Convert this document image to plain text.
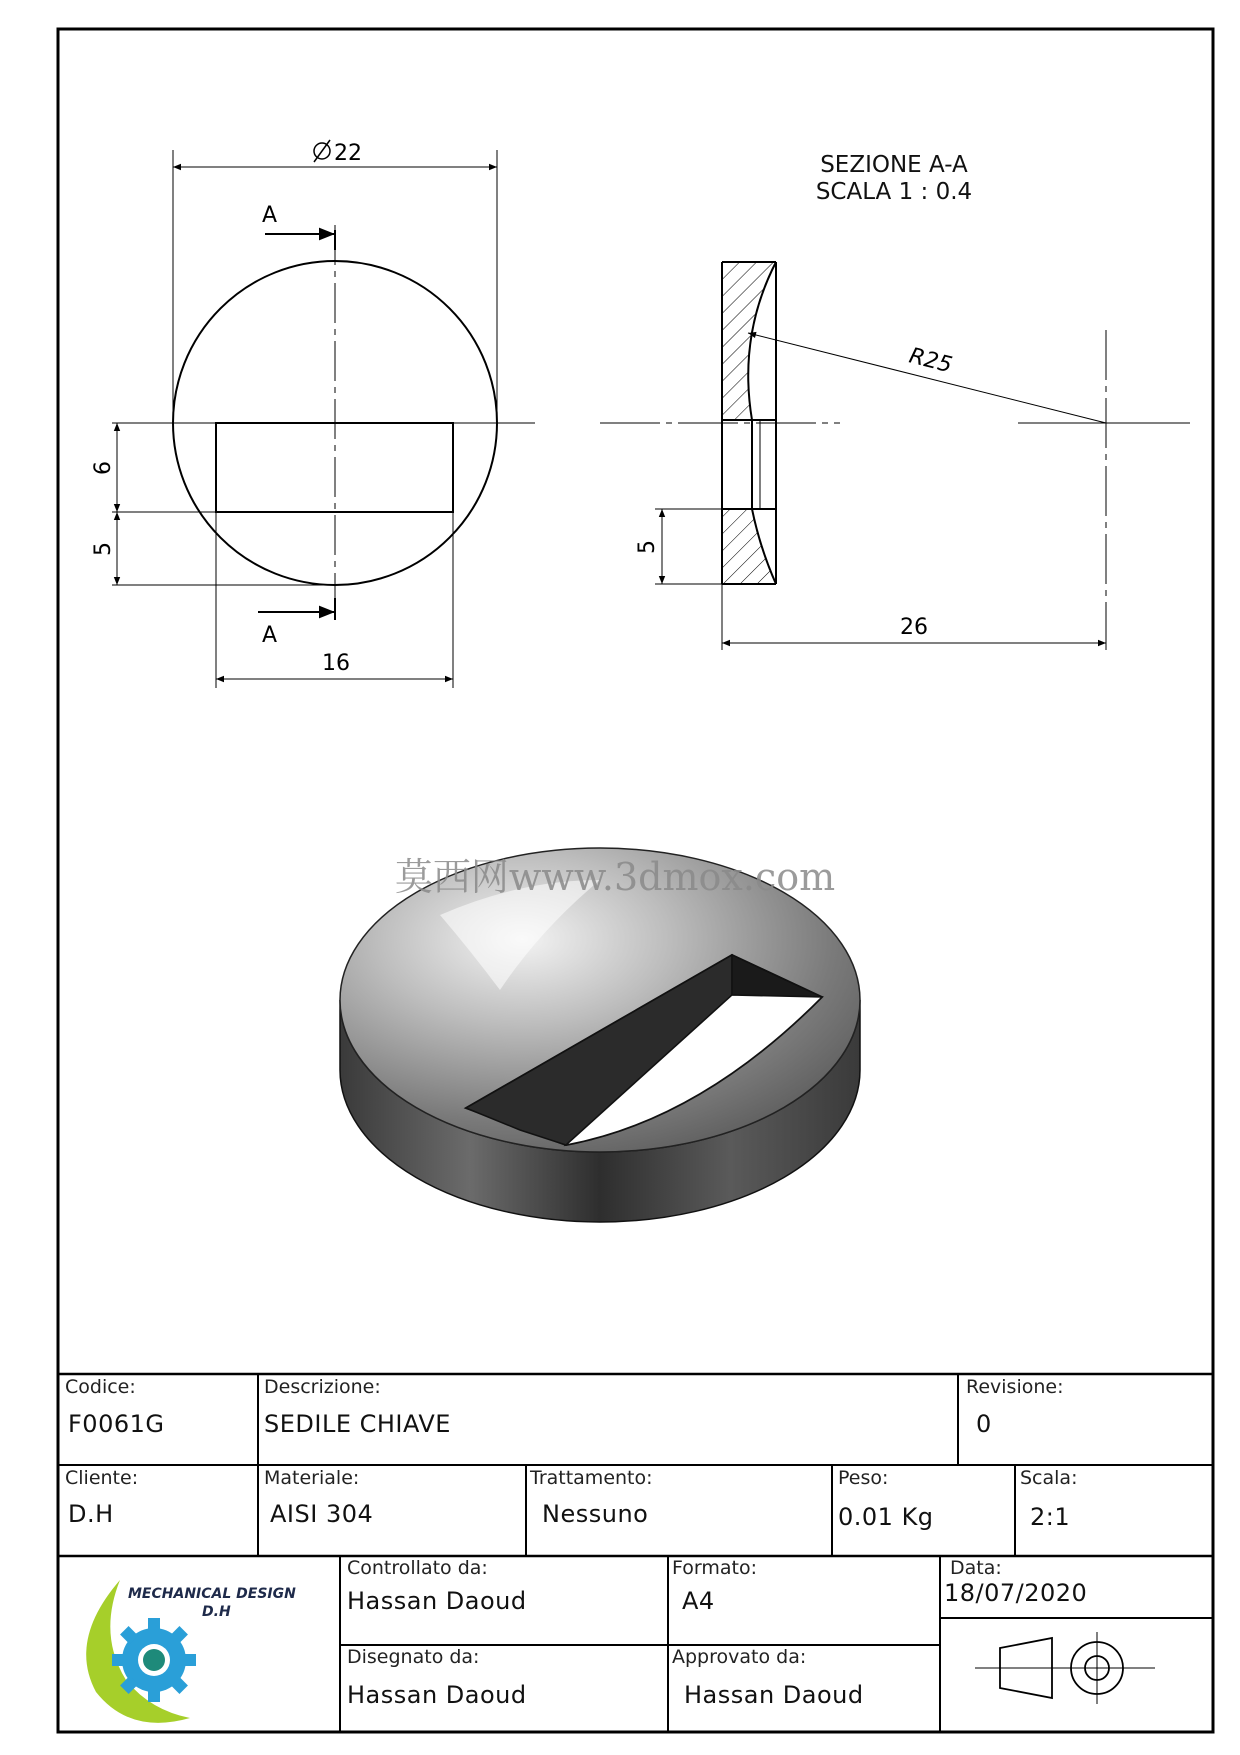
22
A
A
16
6
5
SEZIONE A-A
SCALA 1 : 0.4
R25
26
5
莫西网www.3dmox.com
MECHANICAL DESIGN
D.H
Codice:
F0061G
Descrizione:
SEDILE CHIAVE
Revisione:
0
Cliente:
D.H
Materiale:
AISI 304
Trattamento:
Nessuno
Peso:
0.01 Kg
Scala:
2:1
Controllato da:
Hassan Daoud
Formato:
A4
Data:
18/07/2020
Disegnato da:
Hassan Daoud
Approvato da:
Hassan Daoud
